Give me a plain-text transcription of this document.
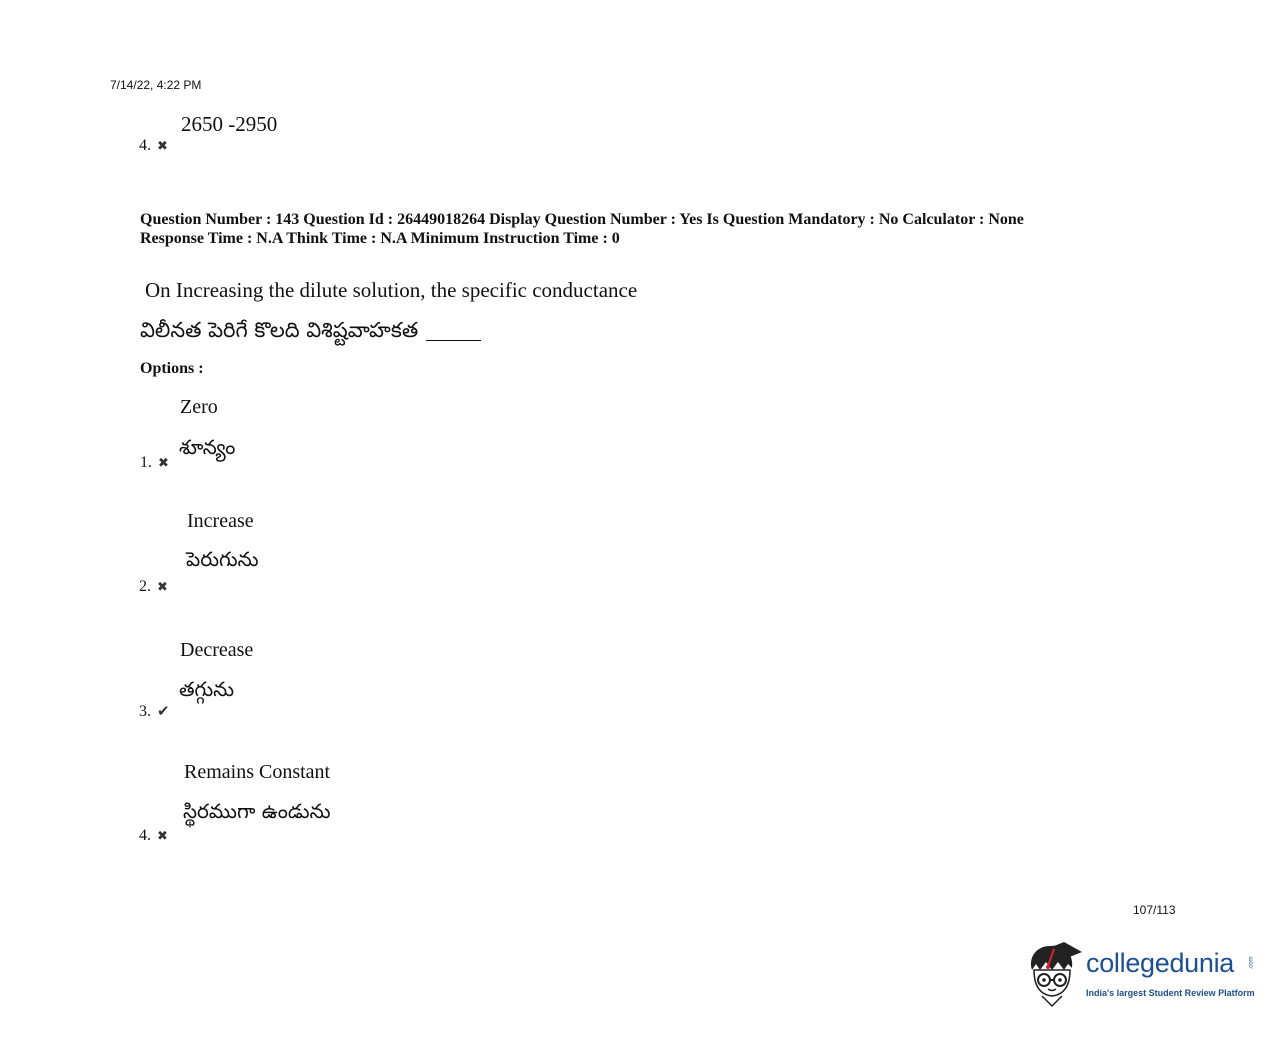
7/14/22, 4:22 PM
2650 -2950
4. ✖
Question Number : 143 Question Id : 26449018264 Display Question Number : Yes Is Question Mandatory : No Calculator : None
Response Time : N.A Think Time : N.A Minimum Instruction Time : 0
On Increasing the dilute solution, the specific conductance
విలీనత పెరిగే కొలది విశిష్టవాహకత
Options :
Zero
శూన్యం
1. ✖
Increase
పెరుగును
2. ✖
Decrease
తగ్గును
3. ✔
Remains Constant
స్థిరముగా ఉండును
4. ✖
107/113
collegedunia .com
India's largest Student Review Platform
